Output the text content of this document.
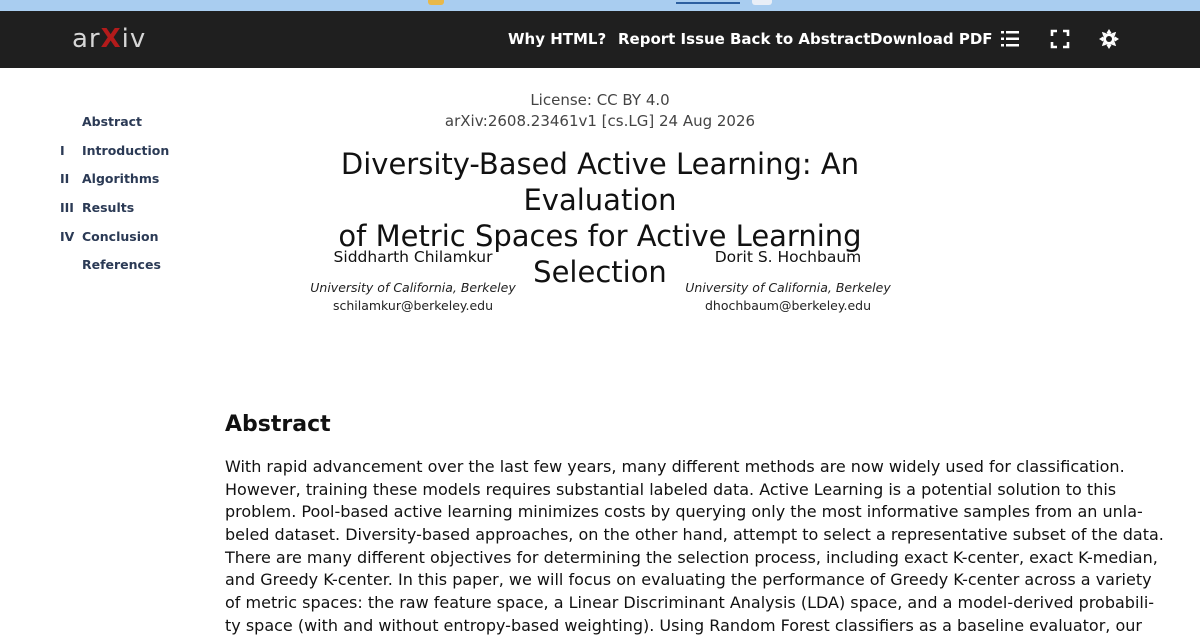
arXiv	Why HTML? Report Issue Back to Abstract Download PDF
Abstract
I	Introduction
II	Algorithms
III Results
IV Conclusion
References
License: CC BY 4.0
arXiv:2608.23461v1 [cs.LG] 24 Aug 2026
Diversity-Based Active Learning: An Evaluation
of Metric Spaces for Active Learning Selection
Siddharth Chilamkur
University of California, Berkeley
schilamkur@berkeley.edu
Dorit S. Hochbaum
University of California, Berkeley
dhochbaum@berkeley.edu
Abstract
With rapid advancement over the last few years, many different methods are now widely used for classification.
However, training these models requires substantial labeled data. Active Learning is a potential solution to this
problem. Pool-based active learning minimizes costs by querying only the most informative samples from an unla-
beled dataset. Diversity-based approaches, on the other hand, attempt to select a representative subset of the data.
There are many different objectives for determining the selection process, including exact K-center, exact K-median,
and Greedy K-center. In this paper, we will focus on evaluating the performance of Greedy K-center across a variety
of metric spaces: the raw feature space, a Linear Discriminant Analysis (LDA) space, and a model-derived probabili-
ty space (with and without entropy-based weighting). Using Random Forest classifiers as a baseline evaluator, our
